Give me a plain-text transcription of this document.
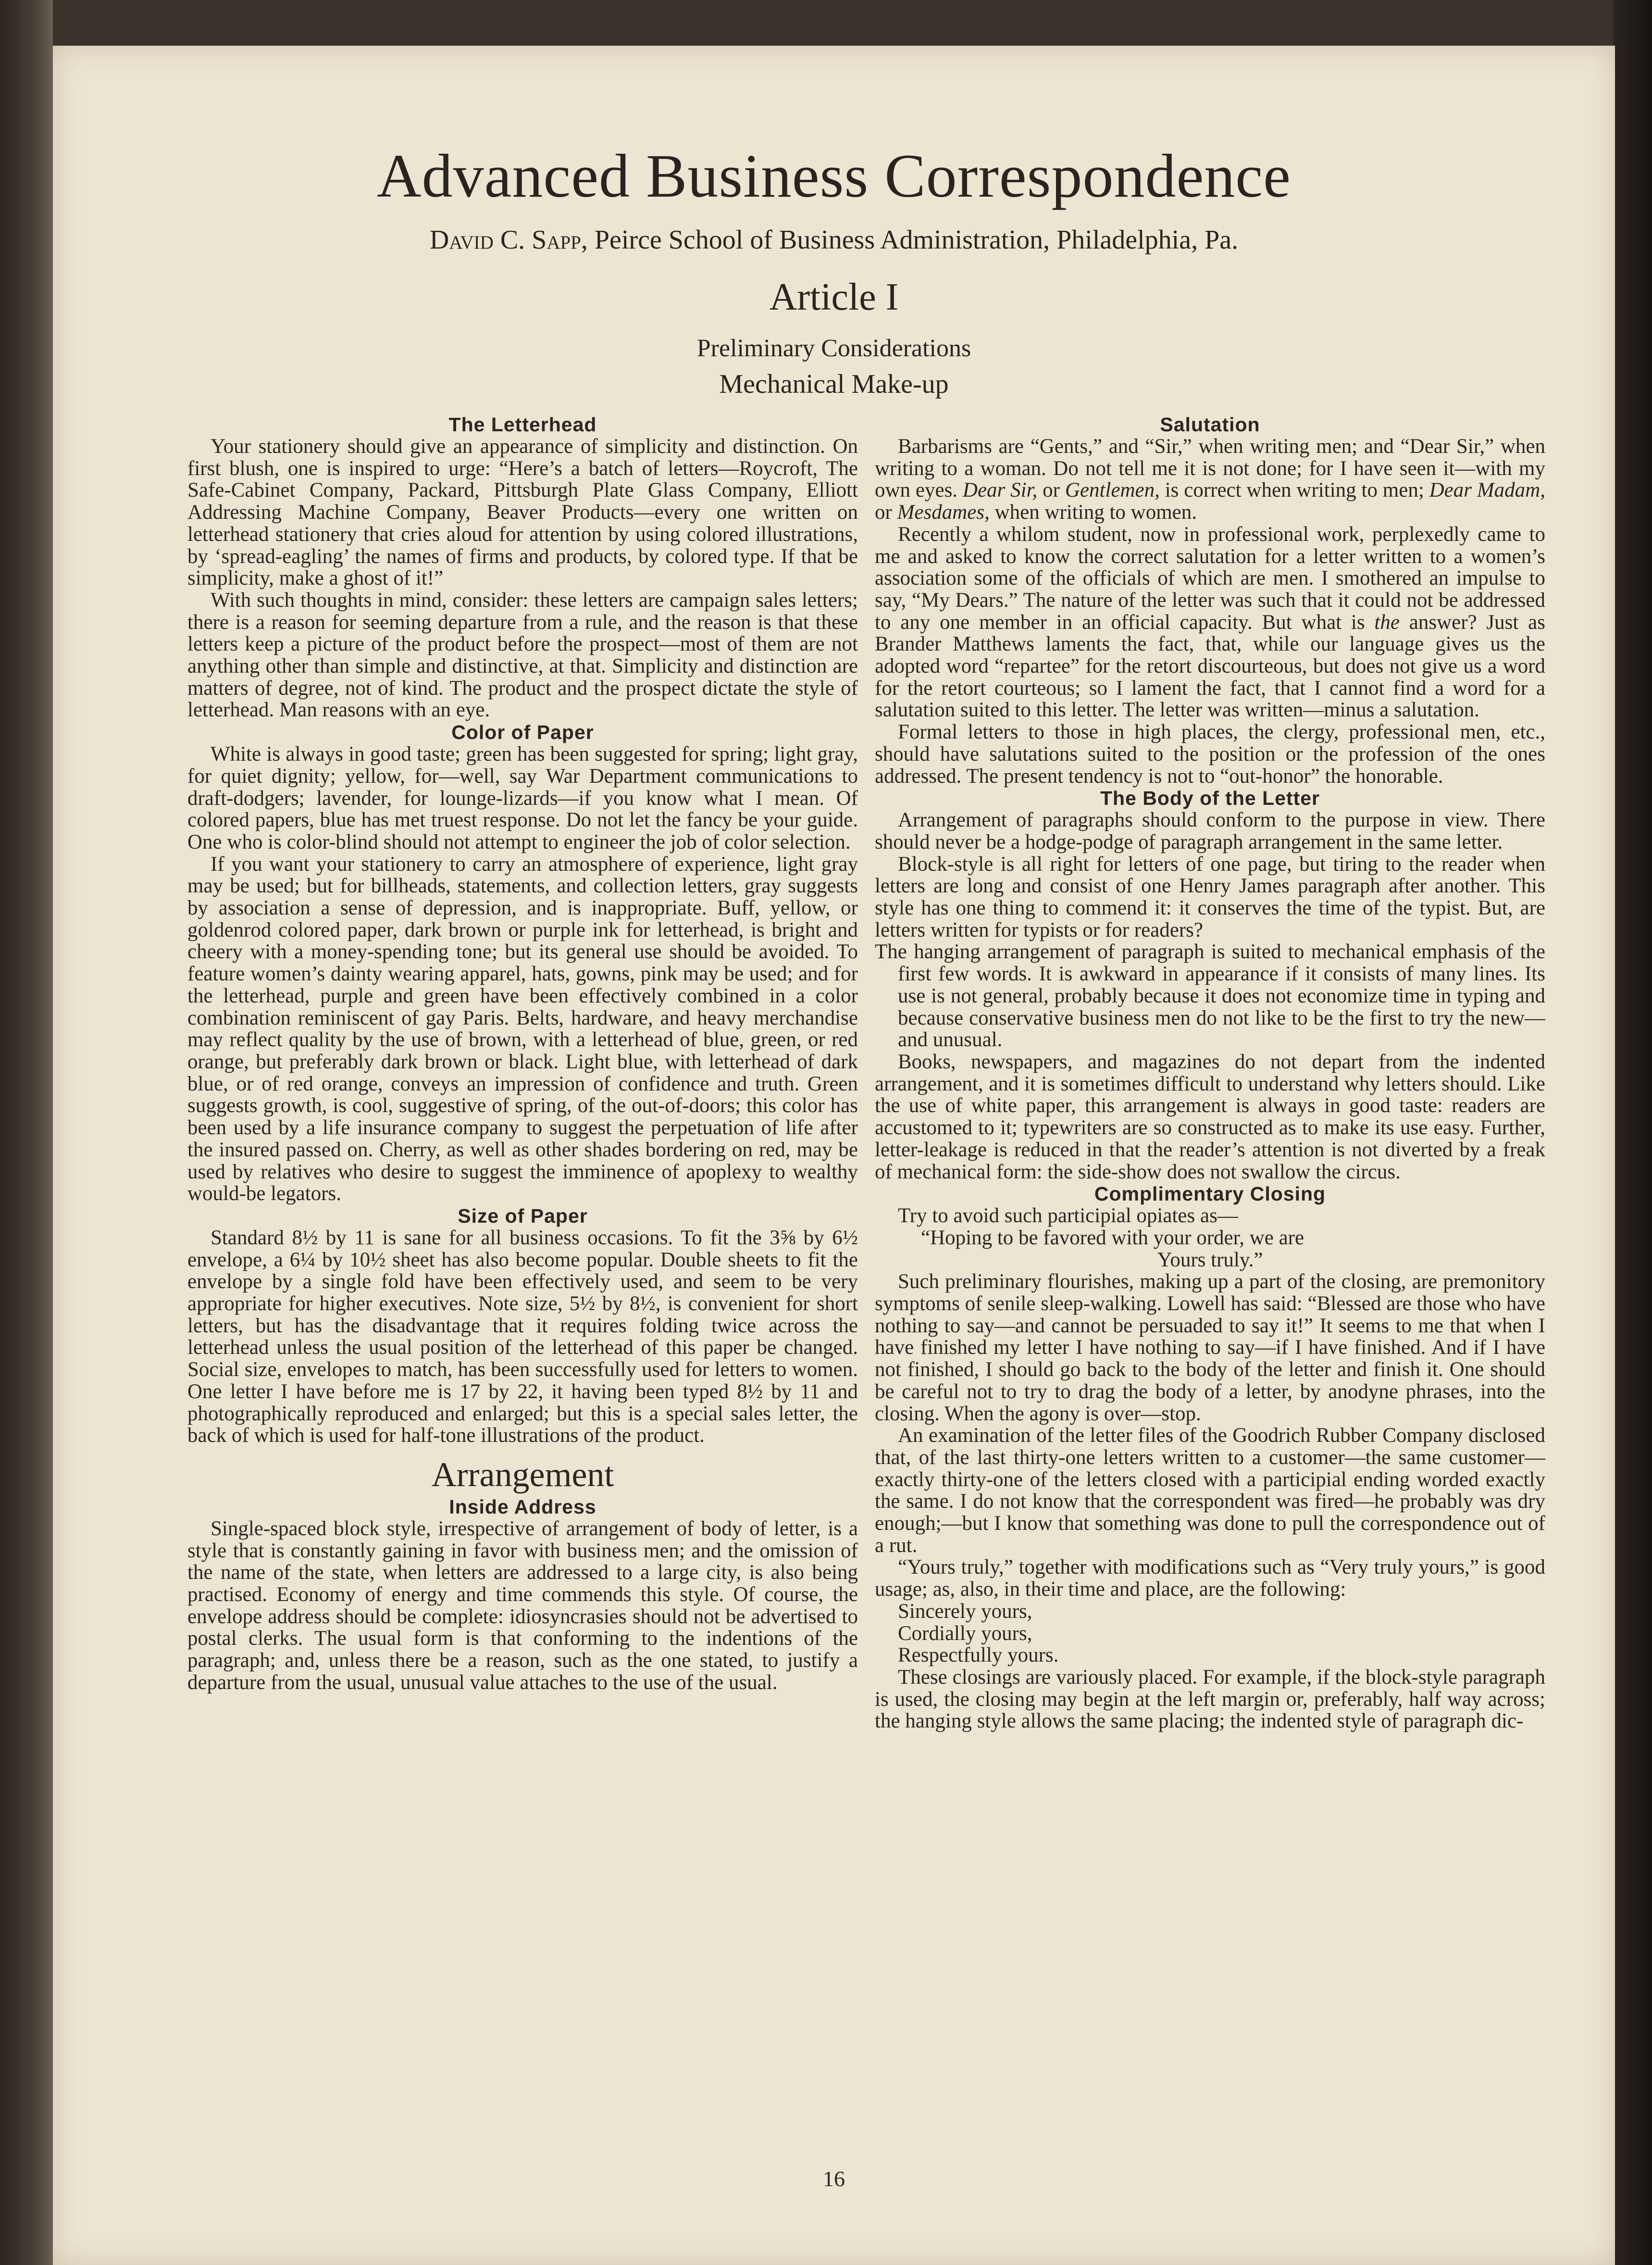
Advanced Business Correspondence
David C. Sapp, Peirce School of Business Administration, Philadelphia, Pa.
Article I
Preliminary Considerations
Mechanical Make-up
The Letterhead

Your stationery should give an appearance of simplicity and distinction. On first blush, one is inspired to urge: “Here’s a batch of letters—Roycroft, The Safe-Cabinet Company, Packard, Pittsburgh Plate Glass Company, Elliott Addressing Machine Company, Beaver Products—every one written on letterhead stationery that cries aloud for attention by using colored illustrations, by ‘spread-eagling’ the names of firms and products, by colored type. If that be simplicity, make a ghost of it!”

With such thoughts in mind, consider: these letters are campaign sales letters; there is a reason for seeming departure from a rule, and the reason is that these letters keep a picture of the product before the prospect—most of them are not anything other than simple and distinctive, at that. Simplicity and distinction are matters of degree, not of kind. The product and the prospect dictate the style of letterhead. Man reasons with an eye.

Color of Paper

White is always in good taste; green has been suggested for spring; light gray, for quiet dignity; yellow, for—well, say War Department communications to draft-dodgers; lavender, for lounge-lizards—if you know what I mean. Of colored papers, blue has met truest response. Do not let the fancy be your guide. One who is color-blind should not attempt to engineer the job of color selection.

If you want your stationery to carry an atmosphere of experience, light gray may be used; but for billheads, statements, and collection letters, gray suggests by association a sense of depression, and is inappropriate. Buff, yellow, or goldenrod colored paper, dark brown or purple ink for letterhead, is bright and cheery with a money-spending tone; but its general use should be avoided. To feature women’s dainty wearing apparel, hats, gowns, pink may be used; and for the letterhead, purple and green have been effectively combined in a color combination reminiscent of gay Paris. Belts, hardware, and heavy merchandise may reflect quality by the use of brown, with a letterhead of blue, green, or red orange, but preferably dark brown or black. Light blue, with letterhead of dark blue, or of red orange, conveys an impression of confidence and truth. Green suggests growth, is cool, suggestive of spring, of the out-of-doors; this color has been used by a life insurance company to suggest the perpetuation of life after the insured passed on. Cherry, as well as other shades bordering on red, may be used by relatives who desire to suggest the imminence of apoplexy to wealthy would-be legators.

Size of Paper

Standard 8½ by 11 is sane for all business occasions. To fit the 3⅝ by 6½ envelope, a 6¼ by 10½ sheet has also become popular. Double sheets to fit the envelope by a single fold have been effectively used, and seem to be very appropriate for higher executives. Note size, 5½ by 8½, is convenient for short letters, but has the disadvantage that it requires folding twice across the letterhead unless the usual position of the letterhead of this paper be changed. Social size, envelopes to match, has been successfully used for letters to women. One letter I have before me is 17 by 22, it having been typed 8½ by 11 and photographically reproduced and enlarged; but this is a special sales letter, the back of which is used for half-tone illustrations of the product.

Arrangement
Inside Address

Single-spaced block style, irrespective of arrangement of body of letter, is a style that is constantly gaining in favor with business men; and the omission of the name of the state, when letters are addressed to a large city, is also being practised. Economy of energy and time commends this style. Of course, the envelope address should be complete: idiosyncrasies should not be advertised to postal clerks. The usual form is that conforming to the indentions of the paragraph; and, unless there be a reason, such as the one stated, to justify a departure from the usual, unusual value attaches to the use of the usual.

Salutation

Barbarisms are “Gents,” and “Sir,” when writing men; and “Dear Sir,” when writing to a woman. Do not tell me it is not done; for I have seen it—with my own eyes. Dear Sir, or Gentlemen, is correct when writing to men; Dear Madam, or Mesdames, when writing to women.

Recently a whilom student, now in professional work, perplexedly came to me and asked to know the correct salutation for a letter written to a women’s association some of the officials of which are men. I smothered an impulse to say, “My Dears.” The nature of the letter was such that it could not be addressed to any one member in an official capacity. But what is the answer? Just as Brander Matthews laments the fact, that, while our language gives us the adopted word “repartee” for the retort discourteous, but does not give us a word for the retort courteous; so I lament the fact, that I cannot find a word for a salutation suited to this letter. The letter was written—minus a salutation.

Formal letters to those in high places, the clergy, professional men, etc., should have salutations suited to the position or the profession of the ones addressed. The present tendency is not to “out-honor” the honorable.

The Body of the Letter

Arrangement of paragraphs should conform to the purpose in view. There should never be a hodge-podge of paragraph arrangement in the same letter.

Block-style is all right for letters of one page, but tiring to the reader when letters are long and consist of one Henry James paragraph after another. This style has one thing to commend it: it conserves the time of the typist. But, are letters written for typists or for readers?

The hanging arrangement of paragraph is suited to mechanical emphasis of the first few words. It is awkward in appearance if it consists of many lines. Its use is not general, probably because it does not economize time in typing and because conservative business men do not like to be the first to try the new—and unusual.

Books, newspapers, and magazines do not depart from the indented arrangement, and it is sometimes difficult to understand why letters should. Like the use of white paper, this arrangement is always in good taste: readers are accustomed to it; typewriters are so constructed as to make its use easy. Further, letter-leakage is reduced in that the reader’s attention is not diverted by a freak of mechanical form: the side-show does not swallow the circus.

Complimentary Closing

Try to avoid such participial opiates as—

“Hoping to be favored with your order, we are

Yours truly.”

Such preliminary flourishes, making up a part of the closing, are premonitory symptoms of senile sleep-walking. Lowell has said: “Blessed are those who have nothing to say—and cannot be persuaded to say it!” It seems to me that when I have finished my letter I have nothing to say—if I have finished. And if I have not finished, I should go back to the body of the letter and finish it. One should be careful not to try to drag the body of a letter, by anodyne phrases, into the closing. When the agony is over—stop.

An examination of the letter files of the Goodrich Rubber Company disclosed that, of the last thirty-one letters written to a customer—the same customer—exactly thirty-one of the letters closed with a participial ending worded exactly the same. I do not know that the correspondent was fired—he probably was dry enough;—but I know that something was done to pull the correspondence out of a rut.

“Yours truly,” together with modifications such as “Very truly yours,” is good usage; as, also, in their time and place, are the following:

Sincerely yours,

Cordially yours,

Respectfully yours.

These closings are variously placed. For example, if the block-style paragraph is used, the closing may begin at the left margin or, preferably, half way across; the hanging style allows the same placing; the indented style of paragraph dic-

16
